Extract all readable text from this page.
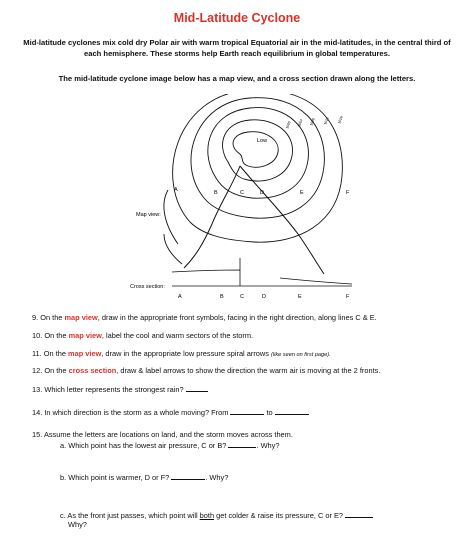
Mid-Latitude Cyclone
Mid-latitude cyclones mix cold dry Polar air with warm tropical Equatorial air in the mid-latitudes, in the central third of each hemisphere. These storms help Earth reach equilibrium in global temperatures.
The mid-latitude cyclone image below has a map view, and a cross section drawn along the letters.
Low
1000 1004 1008 1012 1016
A	B	C	D	E	F
Map view:
Cross section:
A	B	C	D	E	F
9. On the map view, draw in the appropriate front symbols, facing in the right direction, along lines C & E.
10. On the map view, label the cool and warm sectors of the storm.
11. On the map view, draw in the appropriate low pressure spiral arrows (like seen on first page).
12. On the cross section, draw & label arrows to show the direction the warm air is moving at the 2 fronts.
13. Which letter represents the strongest rain?
14. In which direction is the storm as a whole moving? From	to
15. Assume the letters are locations on land, and the storm moves across them.
a. Which point has the lowest air pressure, C or B?	. Why?
b. Which point is warmer, D or F?	. Why?
c. As the front just passes, which point will both get colder & raise its pressure, C or E?
Why?
